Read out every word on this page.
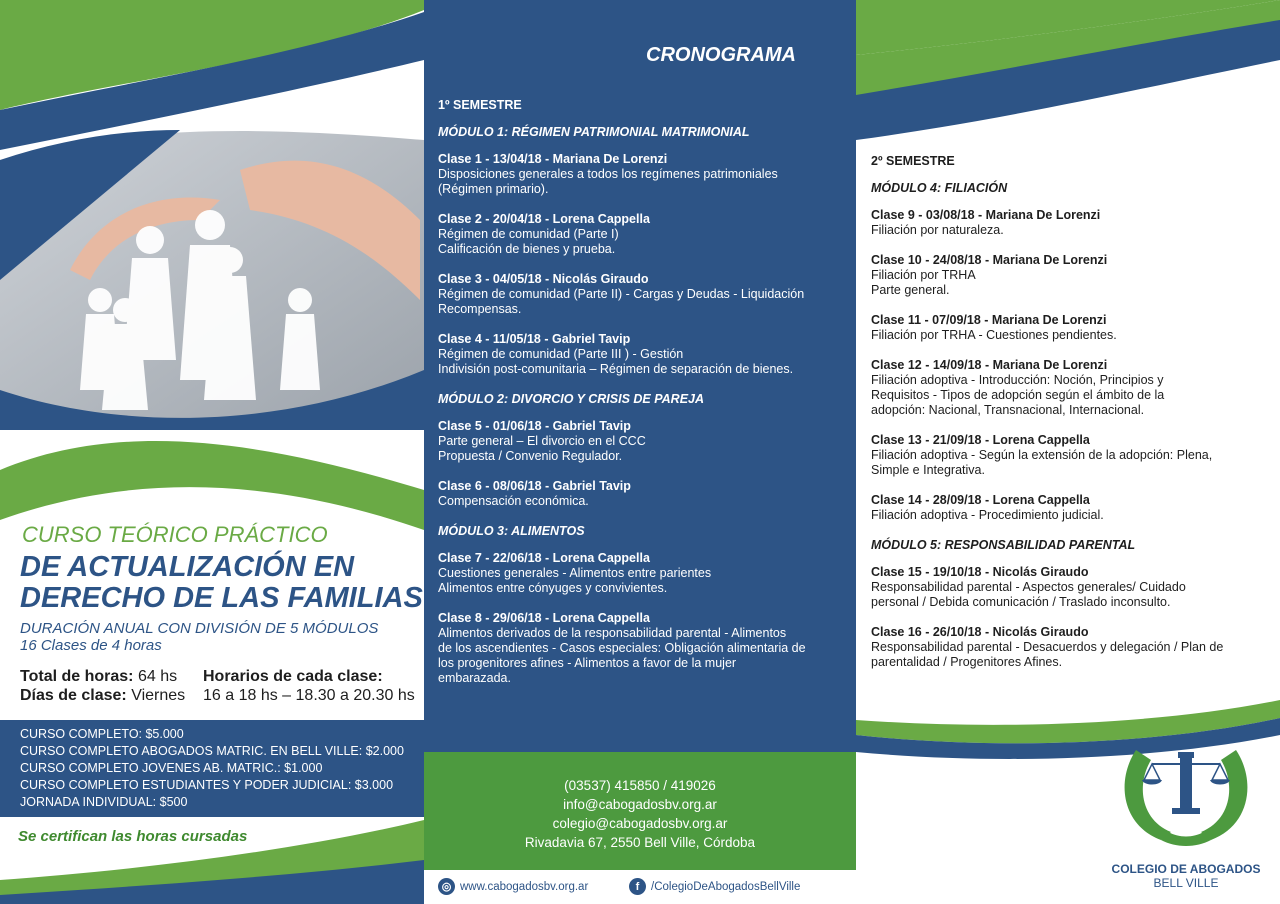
CURSO TEÓRICO PRÁCTICO
DE ACTUALIZACIÓN EN
DERECHO DE LAS FAMILIAS
DURACIÓN ANUAL CON DIVISIÓN DE 5 MÓDULOS
16 Clases de 4 horas
Total de horas: 64 hs
Días de clase: Viernes
Horarios de cada clase:
16 a 18 hs – 18.30 a 20.30 hs
CURSO COMPLETO: $5.000
CURSO COMPLETO ABOGADOS MATRIC. EN BELL VILLE: $2.000
CURSO COMPLETO JOVENES AB. MATRIC.: $1.000
CURSO COMPLETO ESTUDIANTES Y PODER JUDICIAL: $3.000
JORNADA INDIVIDUAL: $500
Se certifican las horas cursadas
CRONOGRAMA
1º SEMESTRE
MÓDULO 1: RÉGIMEN PATRIMONIAL MATRIMONIAL
Clase 1 - 13/04/18 - Mariana De Lorenzi
Disposiciones generales a todos los regímenes patrimoniales
(Régimen primario).
Clase 2 - 20/04/18 - Lorena Cappella
Régimen de comunidad (Parte I)
Calificación de bienes y prueba.
Clase 3 - 04/05/18 - Nicolás Giraudo
Régimen de comunidad (Parte II) - Cargas y Deudas - Liquidación
Recompensas.
Clase 4 - 11/05/18 - Gabriel Tavip
Régimen de comunidad (Parte III ) - Gestión
Indivisión post-comunitaria – Régimen de separación de bienes.
MÓDULO 2: DIVORCIO Y CRISIS DE PAREJA
Clase 5 - 01/06/18 - Gabriel Tavip
Parte general – El divorcio en el CCC
Propuesta / Convenio Regulador.
Clase 6 - 08/06/18 - Gabriel Tavip
Compensación económica.
MÓDULO 3: ALIMENTOS
Clase 7 - 22/06/18 - Lorena Cappella
Cuestiones generales - Alimentos entre parientes
Alimentos entre cónyuges y convivientes.
Clase 8 - 29/06/18 - Lorena Cappella
Alimentos derivados de la responsabilidad parental - Alimentos
de los ascendientes - Casos especiales: Obligación alimentaria de
los progenitores afines - Alimentos a favor de la mujer
embarazada.
(03537) 415850 / 419026
info@cabogadosbv.org.ar
colegio@cabogadosbv.org.ar
Rivadavia 67, 2550 Bell Ville, Córdoba
◎ www.cabogadosbv.org.ar	f	/ColegioDeAbogadosBellVille
2º SEMESTRE
MÓDULO 4: FILIACIÓN
Clase 9 - 03/08/18 - Mariana De Lorenzi
Filiación por naturaleza.
Clase 10 - 24/08/18 - Mariana De Lorenzi
Filiación por TRHA
Parte general.
Clase 11 - 07/09/18 - Mariana De Lorenzi
Filiación por TRHA - Cuestiones pendientes.
Clase 12 - 14/09/18 - Mariana De Lorenzi
Filiación adoptiva - Introducción: Noción, Principios y
Requisitos - Tipos de adopción según el ámbito de la
adopción: Nacional, Transnacional, Internacional.
Clase 13 - 21/09/18 - Lorena Cappella
Filiación adoptiva - Según la extensión de la adopción: Plena,
Simple e Integrativa.
Clase 14 - 28/09/18 - Lorena Cappella
Filiación adoptiva - Procedimiento judicial.
MÓDULO 5: RESPONSABILIDAD PARENTAL
Clase 15 - 19/10/18 - Nicolás Giraudo
Responsabilidad parental - Aspectos generales/ Cuidado
personal / Debida comunicación / Traslado inconsulto.
Clase 16 - 26/10/18 - Nicolás Giraudo
Responsabilidad parental - Desacuerdos y delegación / Plan de
parentalidad / Progenitores Afines.
COLEGIO DE ABOGADOS
BELL VILLE
